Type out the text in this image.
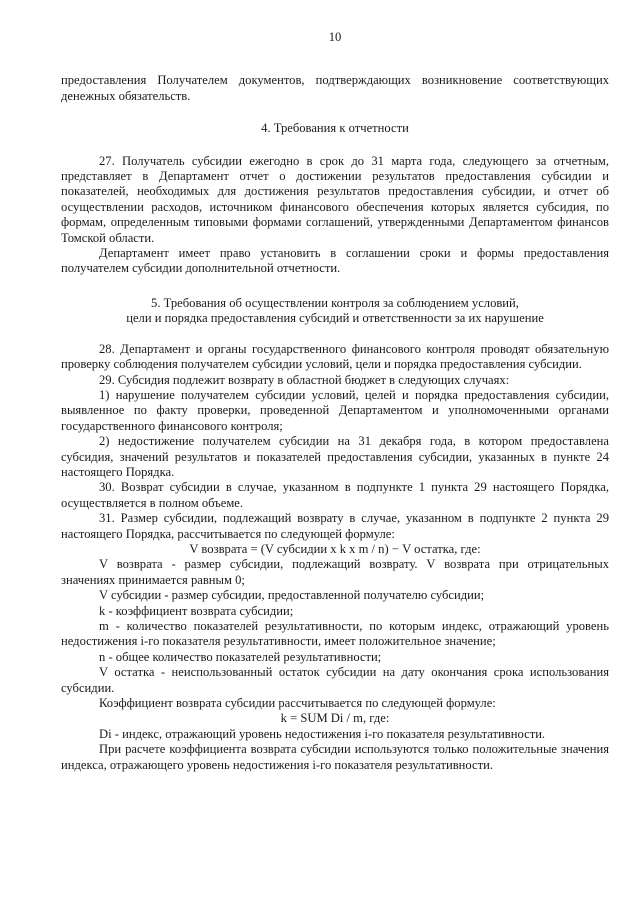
10

предоставления Получателем документов, подтверждающих возникновение соответствующих денежных обязательств.

4. Требования к отчетности

27. Получатель субсидии ежегодно в срок до 31 марта года, следующего за отчетным, представляет в Департамент отчет о достижении результатов предоставления субсидии и показателей, необходимых для достижения результатов предоставления субсидии, и отчет об осуществлении расходов, источником финансового обеспечения которых является субсидия, по формам, определенным типовыми формами соглашений, утвержденными Департаментом финансов Томской области.

Департамент имеет право установить в соглашении сроки и формы предоставления получателем субсидии дополнительной отчетности.

5. Требования об осуществлении контроля за соблюдением условий,
цели и порядка предоставления субсидий и ответственности за их нарушение

28. Департамент и органы государственного финансового контроля проводят обязательную проверку соблюдения получателем субсидии условий, цели и порядка предоставления субсидии.

29. Субсидия подлежит возврату в областной бюджет в следующих случаях:

1) нарушение получателем субсидии условий, целей и порядка предоставления субсидии, выявленное по факту проверки, проведенной Департаментом и уполномоченными органами государственного финансового контроля;

2) недостижение получателем субсидии на 31 декабря года, в котором предоставлена субсидия, значений результатов и показателей предоставления субсидии, указанных в пункте 24 настоящего Порядка.

30. Возврат субсидии в случае, указанном в подпункте 1 пункта 29 настоящего Порядка, осуществляется в полном объеме.

31. Размер субсидии, подлежащий возврату в случае, указанном в подпункте 2 пункта 29 настоящего Порядка, рассчитывается по следующей формуле:

V возврата = (V субсидии x k x m / n) − V остатка, где:

V возврата - размер субсидии, подлежащий возврату. V возврата при отрицательных значениях принимается равным 0;

V субсидии - размер субсидии, предоставленной получателю субсидии;

k - коэффициент возврата субсидии;

m - количество показателей результативности, по которым индекс, отражающий уровень недостижения i-го показателя результативности, имеет положительное значение;

n - общее количество показателей результативности;

V остатка - неиспользованный остаток субсидии на дату окончания срока использования субсидии.

Коэффициент возврата субсидии рассчитывается по следующей формуле:

k = SUM Di / m, где:

Di - индекс, отражающий уровень недостижения i-го показателя результативности.

При расчете коэффициента возврата субсидии используются только положительные значения индекса, отражающего уровень недостижения i-го показателя результативности.
